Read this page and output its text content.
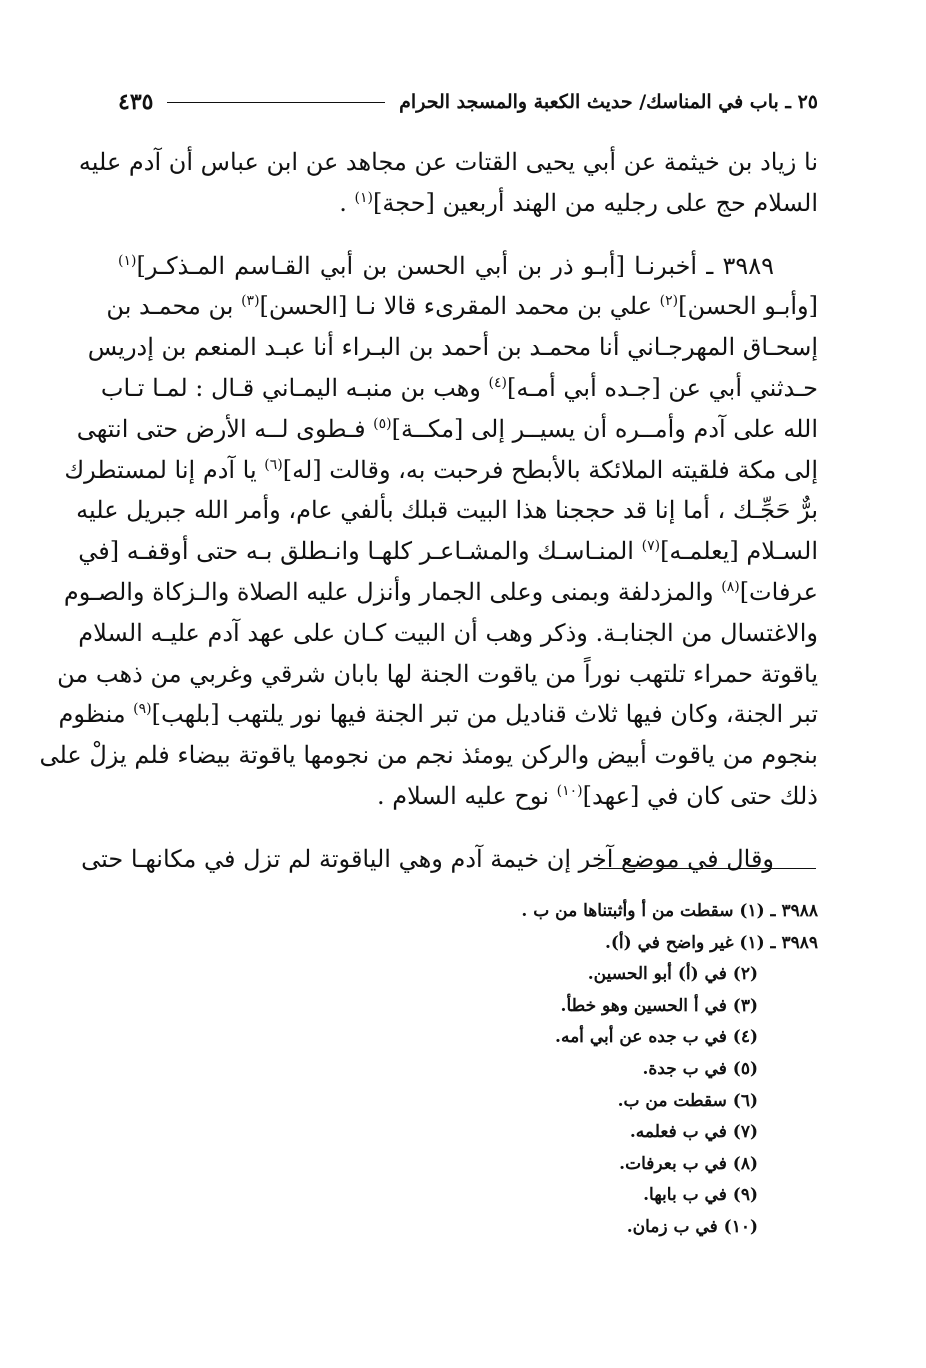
٢٥ ـ باب في المناسك/ حديث الكعبة والمسجد الحرام
٤٣٥

نا زياد بن خيثمة عن أبي يحيى القتات عن مجاهد عن ابن عباس أن آدم عليه
السلام حج على رجليه من الهند أربعين [حجة]$^{(١)}$ .

٣٩٨٩ ـ أخبرنـا [أبـو ذر بن أبي الحسن بن أبي القـاسم المـذكـر]$^{(١)}$
[وأبـو الحسن]$^{(٢)}$ علي بن محمد المقرىء قالا نـا [الحسن]$^{(٣)}$ بن محمـد بن
إسحـاق المهرجـاني أنا محمـد بن أحمد بن البـراء أنا عبـد المنعم بن إدريس
حـدثني أبي عن [جـده أبي أمـه]$^{(٤)}$ وهب بن منبـه اليمـاني قـال : لمـا تـاب
الله على آدم وأمــره أن يسيــر إلى [مكــة]$^{(٥)}$ فـطوى لــه الأرض حتى انتهى
إلى مكة فلقيته الملائكة بالأبطح فرحبت به، وقالت [له]$^{(٦)}$ يا آدم إنا لمستطرك
برٌّ حَجِّـك ، أما إنا قد حججنا هذا البيت قبلك بألفي عام، وأمر الله جبريل عليه
السـلام [يعلمـه]$^{(٧)}$ المنـاسـك والمشـاعـر كلهـا وانـطلق بـه حتى أوقفـه [في
عرفات]$^{(٨)}$ والمزدلفة وبمنى وعلى الجمار وأنزل عليه الصلاة والـزكاة والصـوم
والاغتسال من الجنابـة. وذكر وهب أن البيت كـان على عهد آدم عليـه السلام
ياقوتة حمراء تلتهب نوراً من ياقوت الجنة لها بابان شرقي وغربي من ذهب من
تبر الجنة، وكان فيها ثلاث قناديل من تبر الجنة فيها نور يلتهب [بلهب]$^{(٩)}$ منظوم
بنجوم من ياقوت أبيض والركن يومئذ نجم من نجومها ياقوتة بيضاء فلم يزلْ على
ذلك حتى كان في [عهد]$^{(١٠)}$ نوح عليه السلام .

وقال في موضع آخر إن خيمة آدم وهي الياقوتة لم تزل في مكانهـا حتى

٣٩٨٨ ـ (١) سقطت من أ وأثبتناها من ب .
٣٩٨٩ ـ (١) غير واضح في (أ).
(٢) في (أ) أبو الحسين.
(٣) في أ الحسين وهو خطأ.
(٤) في ب جده عن أبي أمه.
(٥) في ب جدة.
(٦) سقطت من ب.
(٧) في ب فعلمه.
(٨) في ب بعرفات.
(٩) في ب بابها.
(١٠) في ب زمان.
